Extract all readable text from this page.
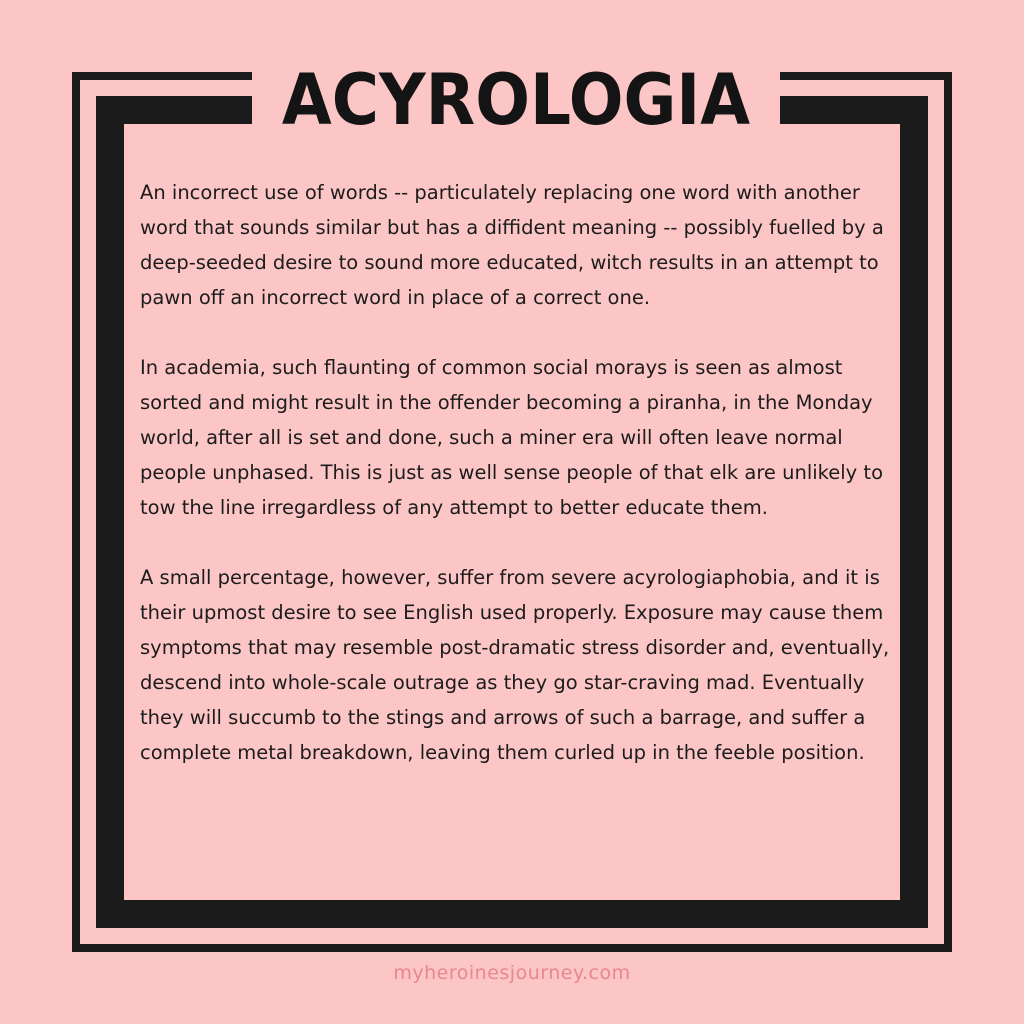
ACYROLOGIA

An incorrect use of words -- particulately replacing one word with another word that sounds similar but has a diffident meaning -- possibly fuelled by a deep-seeded desire to sound more educated, witch results in an attempt to pawn off an incorrect word in place of a correct one.

In academia, such flaunting of common social morays is seen as almost sorted and might result in the offender becoming a piranha, in the Monday world, after all is set and done, such a miner era will often leave normal people unphased. This is just as well sense people of that elk are unlikely to tow the line irregardless of any attempt to better educate them.

A small percentage, however, suffer from severe acyrologiaphobia, and it is their upmost desire to see English used properly. Exposure may cause them symptoms that may resemble post-dramatic stress disorder and, eventually, descend into whole-scale outrage as they go star-craving mad. Eventually they will succumb to the stings and arrows of such a barrage, and suffer a complete metal breakdown, leaving them curled up in the feeble position.

myheroinesjourney.com
